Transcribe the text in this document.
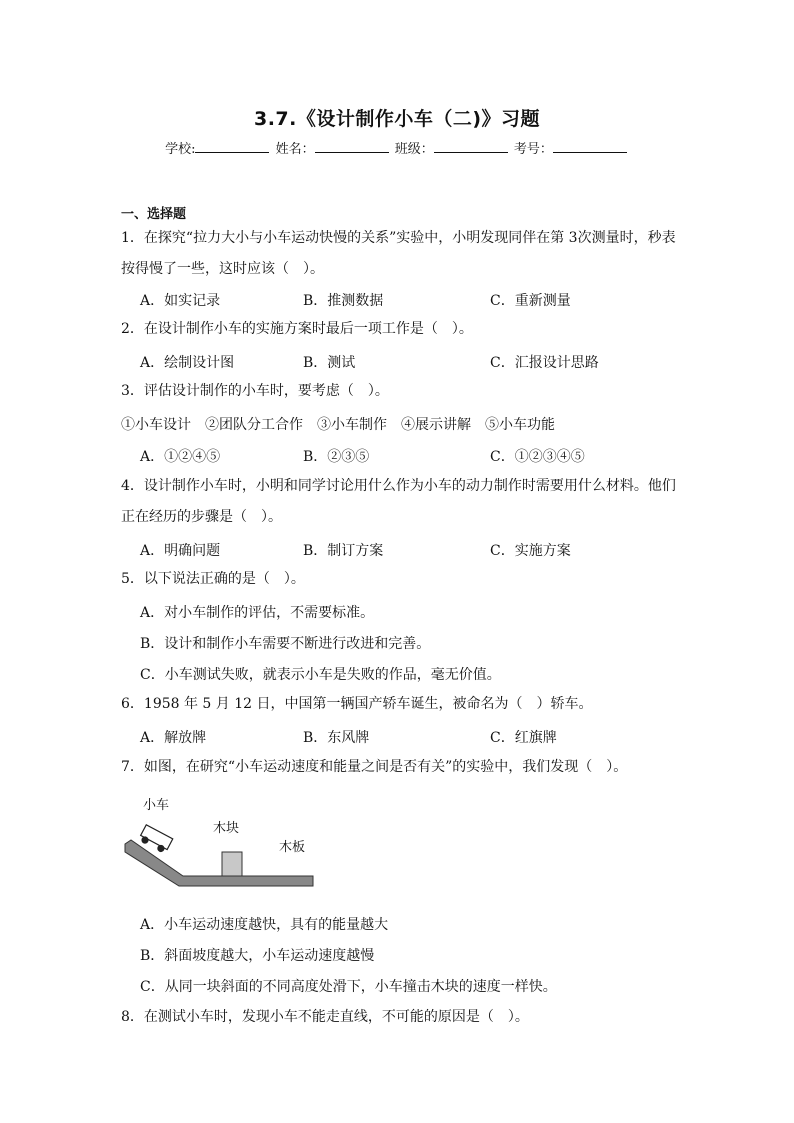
3.7.《设计制作小车（二)》习题
学校:	姓名：	班级：	考号：
一、选择题
1．在探究“拉力大小与小车运动快慢的关系”实验中，小明发现同伴在第 3次测量时，秒表
按得慢了一些，这时应该（　）。
A．如实记录	B．推测数据	C．重新测量
2．在设计制作小车的实施方案时最后一项工作是（　）。
A．绘制设计图	B．测试	C．汇报设计思路
3．评估设计制作的小车时，要考虑（　）。
①小车设计　②团队分工合作　③小车制作　④展示讲解　⑤小车功能
A．①②④⑤	B．②③⑤	C．①②③④⑤
4．设计制作小车时，小明和同学讨论用什么作为小车的动力制作时需要用什么材料。他们
正在经历的步骤是（　）。
A．明确问题	B．制订方案	C．实施方案
5．以下说法正确的是（　）。
A．对小车制作的评估，不需要标准。
B．设计和制作小车需要不断进行改进和完善。
C．小车测试失败，就表示小车是失败的作品，毫无价值。
6．1958 年 5 月 12 日，中国第一辆国产轿车诞生，被命名为（　）轿车。
A．解放牌	B．东风牌	C．红旗牌
7．如图，在研究“小车运动速度和能量之间是否有关”的实验中，我们发现（　）。
小车
木块
木板
A．小车运动速度越快，具有的能量越大
B．斜面坡度越大，小车运动速度越慢
C．从同一块斜面的不同高度处滑下，小车撞击木块的速度一样快。
8．在测试小车时，发现小车不能走直线，不可能的原因是（　）。
